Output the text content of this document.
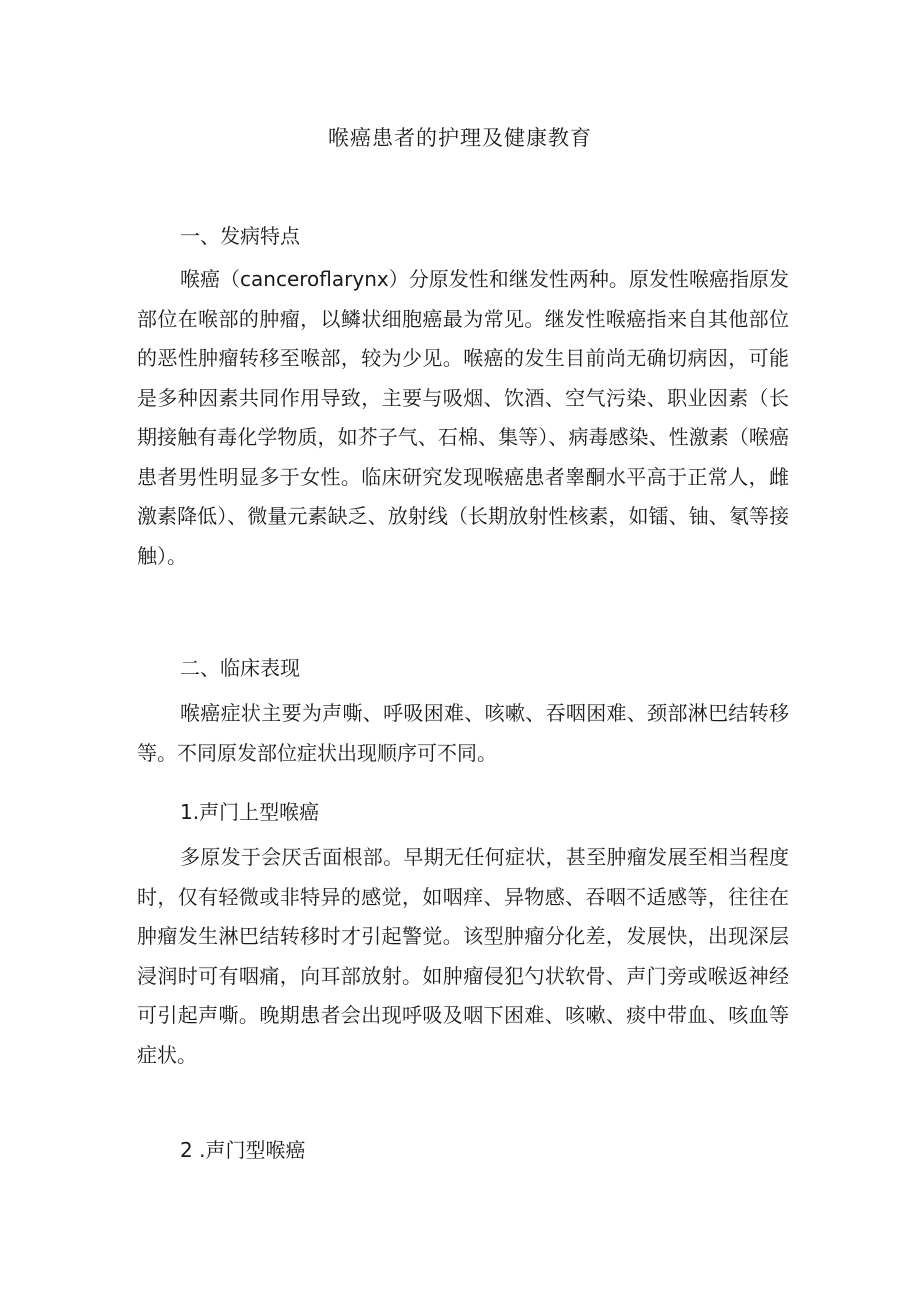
喉癌患者的护理及健康教育

一、发病特点

喉癌（canceroflarynx）分原发性和继发性两种。原发性喉癌指原发部位在喉部的肿瘤，以鳞状细胞癌最为常见。继发性喉癌指来自其他部位的恶性肿瘤转移至喉部，较为少见。喉癌的发生目前尚无确切病因，可能是多种因素共同作用导致，主要与吸烟、饮酒、空气污染、职业因素（长期接触有毒化学物质，如芥子气、石棉、集等）、病毒感染、性激素（喉癌患者男性明显多于女性。临床研究发现喉癌患者睾酮水平高于正常人，雌激素降低）、微量元素缺乏、放射线（长期放射性核素，如镭、铀、氡等接触）。

二、临床表现

喉癌症状主要为声嘶、呼吸困难、咳嗽、吞咽困难、颈部淋巴结转移等。不同原发部位症状出现顺序可不同。

1.声门上型喉癌

多原发于会厌舌面根部。早期无任何症状，甚至肿瘤发展至相当程度时，仅有轻微或非特异的感觉，如咽痒、异物感、吞咽不适感等，往往在肿瘤发生淋巴结转移时才引起警觉。该型肿瘤分化差，发展快，出现深层浸润时可有咽痛，向耳部放射。如肿瘤侵犯勺状软骨、声门旁或喉返神经可引起声嘶。晚期患者会出现呼吸及咽下困难、咳嗽、痰中带血、咳血等症状。

2 .声门型喉癌
